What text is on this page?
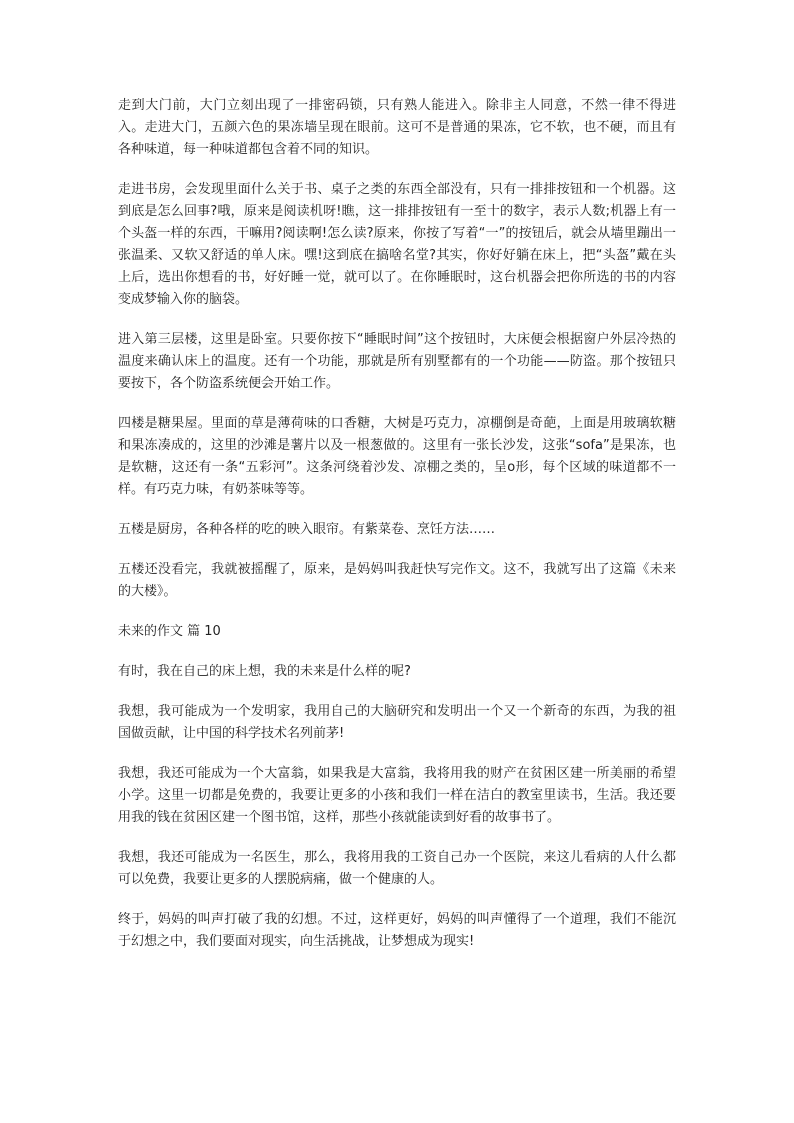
走到大门前，大门立刻出现了一排密码锁，只有熟人能进入。除非主人同意，不然一律不得进入。走进大门，五颜六色的果冻墙呈现在眼前。这可不是普通的果冻，它不软，也不硬，而且有各种味道，每一种味道都包含着不同的知识。

走进书房，会发现里面什么关于书、桌子之类的东西全部没有，只有一排排按钮和一个机器。这到底是怎么回事?哦，原来是阅读机呀!瞧，这一排排按钮有一至十的数字，表示人数;机器上有一个头盔一样的东西，干嘛用?阅读啊!怎么读?原来，你按了写着“一”的按钮后，就会从墙里蹦出一张温柔、又软又舒适的单人床。嘿!这到底在搞啥名堂?其实，你好好躺在床上，把“头盔”戴在头上后，选出你想看的书，好好睡一觉，就可以了。在你睡眠时，这台机器会把你所选的书的内容变成梦输入你的脑袋。

进入第三层楼，这里是卧室。只要你按下“睡眠时间”这个按钮时，大床便会根据窗户外层冷热的温度来确认床上的温度。还有一个功能，那就是所有别墅都有的一个功能——防盗。那个按钮只要按下，各个防盗系统便会开始工作。

四楼是糖果屋。里面的草是薄荷味的口香糖，大树是巧克力，凉棚倒是奇葩，上面是用玻璃软糖和果冻凑成的，这里的沙滩是薯片以及一根葱做的。这里有一张长沙发，这张“sofa”是果冻，也是软糖，这还有一条“五彩河”。这条河绕着沙发、凉棚之类的，呈o形，每个区域的味道都不一样。有巧克力味，有奶茶味等等。

五楼是厨房，各种各样的吃的映入眼帘。有紫菜卷、烹饪方法……

五楼还没看完，我就被摇醒了，原来，是妈妈叫我赶快写完作文。这不，我就写出了这篇《未来的大楼》。

未来的作文 篇 10

有时，我在自己的床上想，我的未来是什么样的呢?

我想，我可能成为一个发明家，我用自己的大脑研究和发明出一个又一个新奇的东西，为我的祖国做贡献，让中国的科学技术名列前茅!

我想，我还可能成为一个大富翁，如果我是大富翁，我将用我的财产在贫困区建一所美丽的希望小学。这里一切都是免费的，我要让更多的小孩和我们一样在洁白的教室里读书，生活。我还要用我的钱在贫困区建一个图书馆，这样，那些小孩就能读到好看的故事书了。

我想，我还可能成为一名医生，那么，我将用我的工资自己办一个医院，来这儿看病的人什么都可以免费，我要让更多的人摆脱病痛，做一个健康的人。

终于，妈妈的叫声打破了我的幻想。不过，这样更好，妈妈的叫声懂得了一个道理，我们不能沉于幻想之中，我们要面对现实，向生活挑战，让梦想成为现实!
